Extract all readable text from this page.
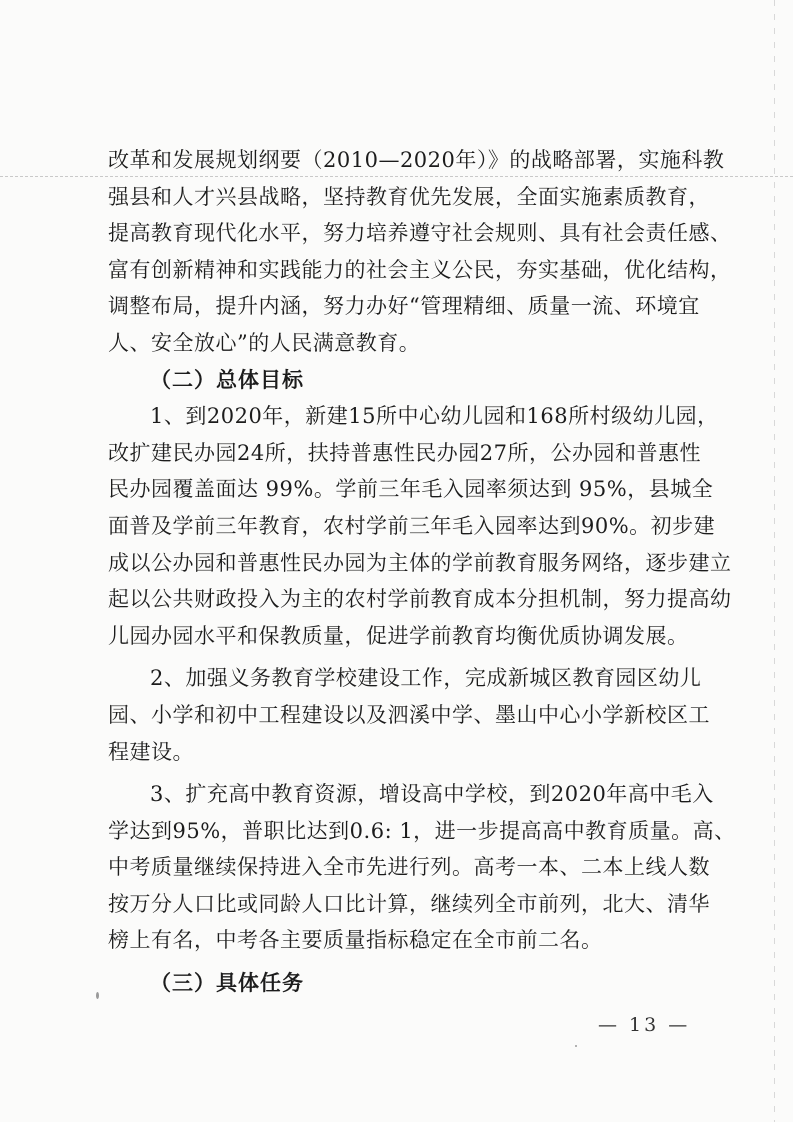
改革和发展规划纲要（2010—2020年）》的战略部署，实施科教
强县和人才兴县战略，坚持教育优先发展，全面实施素质教育，
提高教育现代化水平，努力培养遵守社会规则、具有社会责任感、
富有创新精神和实践能力的社会主义公民，夯实基础，优化结构，
调整布局，提升内涵，努力办好“管理精细、质量一流、环境宜
人、安全放心”的人民满意教育。

（二）总体目标

1、到2020年，新建15所中心幼儿园和168所村级幼儿园，
改扩建民办园24所，扶持普惠性民办园27所，公办园和普惠性
民办园覆盖面达 99%。学前三年毛入园率须达到 95%，县城全
面普及学前三年教育，农村学前三年毛入园率达到90%。初步建
成以公办园和普惠性民办园为主体的学前教育服务网络，逐步建立
起以公共财政投入为主的农村学前教育成本分担机制，努力提高幼
儿园办园水平和保教质量，促进学前教育均衡优质协调发展。

2、加强义务教育学校建设工作，完成新城区教育园区幼儿
园、小学和初中工程建设以及泗溪中学、墨山中心小学新校区工
程建设。

3、扩充高中教育资源，增设高中学校，到2020年高中毛入
学达到95%，普职比达到0.6: 1，进一步提高高中教育质量。高、
中考质量继续保持进入全市先进行列。高考一本、二本上线人数
按万分人口比或同龄人口比计算，继续列全市前列，北大、清华
榜上有名，中考各主要质量指标稳定在全市前二名。

（三）具体任务
— 13 —
